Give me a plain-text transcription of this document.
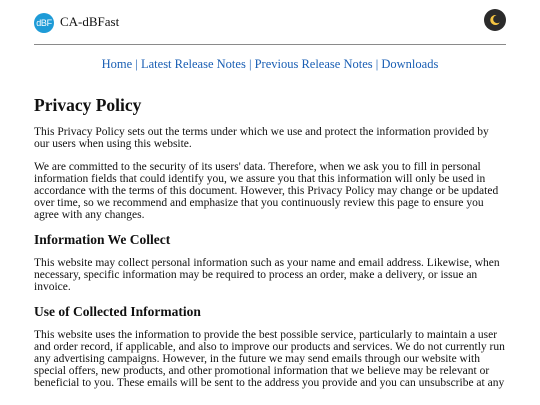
dBF CA-dBFast
Home | Latest Release Notes | Previous Release Notes | Downloads
Privacy Policy

This Privacy Policy sets out the terms under which we use and protect the information provided by our users when using this website.

We are committed to the security of its users' data. Therefore, when we ask you to fill in personal information fields that could identify you, we assure you that this information will only be used in accordance with the terms of this document. However, this Privacy Policy may change or be updated over time, so we recommend and emphasize that you continuously review this page to ensure you agree with any changes.

Information We Collect

This website may collect personal information such as your name and email address. Likewise, when necessary, specific information may be required to process an order, make a delivery, or issue an invoice.

Use of Collected Information

This website uses the information to provide the best possible service, particularly to maintain a user and order record, if applicable, and also to improve our products and services. We do not currently run any advertising campaigns. However, in the future we may send emails through our website with special offers, new products, and other promotional information that we believe may be relevant or beneficial to you. These emails will be sent to the address you provide and you can unsubscribe at any
